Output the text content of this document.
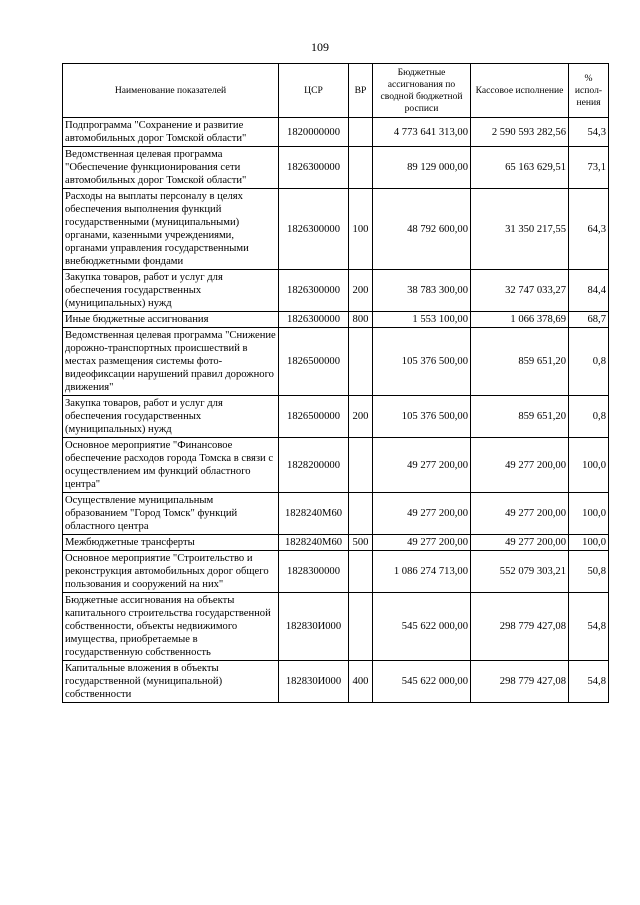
109
Наименование показателей	ЦСР	ВР	Бюджетные ассигнования по сводной бюджетной росписи	Кассовое исполнение	% испол-нения
Подпрограмма "Сохранение и развитие автомобильных дорог Томской области"	1820000000		4 773 641 313,00	2 590 593 282,56	54,3
Ведомственная целевая программа "Обеспечение функционирования сети автомобильных дорог Томской области"	1826300000		89 129 000,00	65 163 629,51	73,1
Расходы на выплаты персоналу в целях обеспечения выполнения функций государственными (муниципальными) органами, казенными учреждениями, органами управления государственными внебюджетными фондами	1826300000	100	48 792 600,00	31 350 217,55	64,3
Закупка товаров, работ и услуг для обеспечения государственных (муниципальных) нужд	1826300000	200	38 783 300,00	32 747 033,27	84,4
Иные бюджетные ассигнования	1826300000	800	1 553 100,00	1 066 378,69	68,7
Ведомственная целевая программа "Снижение дорожно-транспортных происшествий в местах размещения системы фото-видеофиксации нарушений правил дорожного движения"	1826500000		105 376 500,00	859 651,20	0,8
Закупка товаров, работ и услуг для обеспечения государственных (муниципальных) нужд	1826500000	200	105 376 500,00	859 651,20	0,8
Основное мероприятие "Финансовое обеспечение расходов города Томска в связи с осуществлением им функций областного центра"	1828200000		49 277 200,00	49 277 200,00	100,0
Осуществление муниципальным образованием "Город Томск" функций областного центра	1828240М60		49 277 200,00	49 277 200,00	100,0
Межбюджетные трансферты	1828240М60	500	49 277 200,00	49 277 200,00	100,0
Основное мероприятие "Строительство и реконструкция автомобильных дорог общего пользования и сооружений на них"	1828300000		1 086 274 713,00	552 079 303,21	50,8
Бюджетные ассигнования на объекты капитального строительства государственной собственности, объекты недвижимого имущества, приобретаемые в государственную собственность	182830И000		545 622 000,00	298 779 427,08	54,8
Капитальные вложения в объекты государственной (муниципальной) собственности	182830И000	400	545 622 000,00	298 779 427,08	54,8
